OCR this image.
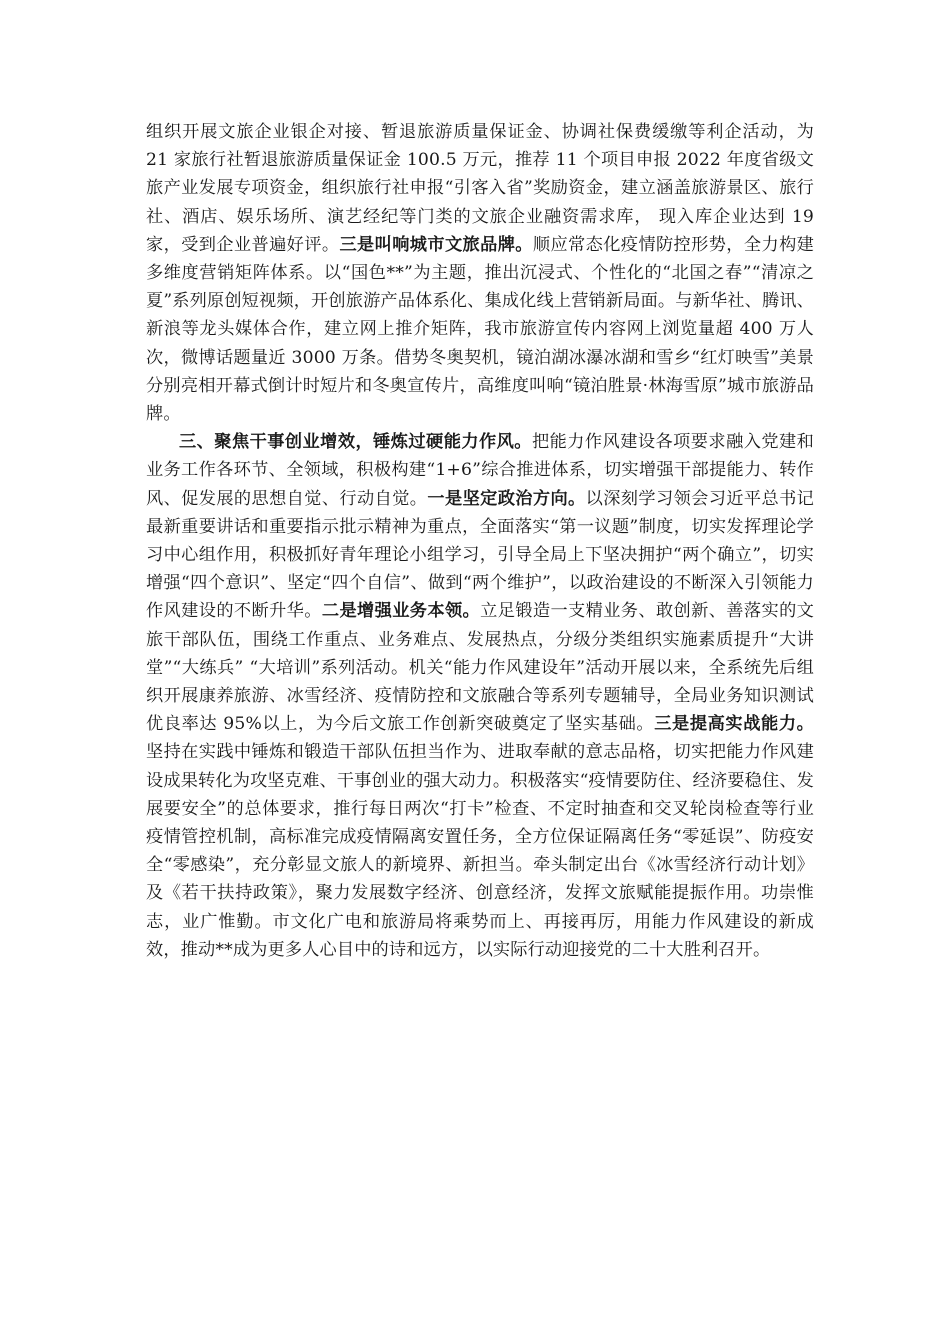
组织开展文旅企业银企对接、暂退旅游质量保证金、协调社保费缓缴等利企活动，为 21 家旅行社暂退旅游质量保证金 100.5 万元，推荐 11 个项目申报 2022 年度省级文旅产业发展专项资金，组织旅行社申报“引客入省”奖励资金，建立涵盖旅游景区、旅行社、酒店、娱乐场所、演艺经纪等门类的文旅企业融资需求库， 现入库企业达到 19 家，受到企业普遍好评。三是叫响城市文旅品牌。顺应常态化疫情防控形势，全力构建多维度营销矩阵体系。以“国色**”为主题，推出沉浸式、个性化的“北国之春”“清凉之夏”系列原创短视频，开创旅游产品体系化、集成化线上营销新局面。与新华社、腾讯、新浪等龙头媒体合作，建立网上推介矩阵，我市旅游宣传内容网上浏览量超 400 万人次，微博话题量近 3000 万条。借势冬奥契机，镜泊湖冰瀑冰湖和雪乡“红灯映雪”美景分别亮相开幕式倒计时短片和冬奥宣传片，高维度叫响“镜泊胜景·林海雪原”城市旅游品牌。

三、聚焦干事创业增效，锤炼过硬能力作风。把能力作风建设各项要求融入党建和业务工作各环节、全领域，积极构建“1+6”综合推进体系，切实增强干部提能力、转作风、促发展的思想自觉、行动自觉。一是坚定政治方向。以深刻学习领会习近平总书记最新重要讲话和重要指示批示精神为重点，全面落实“第一议题”制度，切实发挥理论学习中心组作用，积极抓好青年理论小组学习，引导全局上下坚决拥护“两个确立”，切实增强“四个意识”、坚定“四个自信”、做到“两个维护”，以政治建设的不断深入引领能力作风建设的不断升华。二是增强业务本领。立足锻造一支精业务、敢创新、善落实的文旅干部队伍，围绕工作重点、业务难点、发展热点，分级分类组织实施素质提升“大讲堂”“大练兵” “大培训”系列活动。机关“能力作风建设年”活动开展以来，全系统先后组织开展康养旅游、冰雪经济、疫情防控和文旅融合等系列专题辅导，全局业务知识测试优良率达 95%以上，为今后文旅工作创新突破奠定了坚实基础。三是提高实战能力。坚持在实践中锤炼和锻造干部队伍担当作为、进取奉献的意志品格，切实把能力作风建设成果转化为攻坚克难、干事创业的强大动力。积极落实“疫情要防住、经济要稳住、发展要安全”的总体要求，推行每日两次“打卡”检查、不定时抽查和交叉轮岗检查等行业疫情管控机制，高标准完成疫情隔离安置任务，全方位保证隔离任务“零延误”、防疫安全“零感染”，充分彰显文旅人的新境界、新担当。牵头制定出台《冰雪经济行动计划》及《若干扶持政策》，聚力发展数字经济、创意经济，发挥文旅赋能提振作用。功崇惟志，业广惟勤。市文化广电和旅游局将乘势而上、再接再厉，用能力作风建设的新成效，推动**成为更多人心目中的诗和远方，以实际行动迎接党的二十大胜利召开。
